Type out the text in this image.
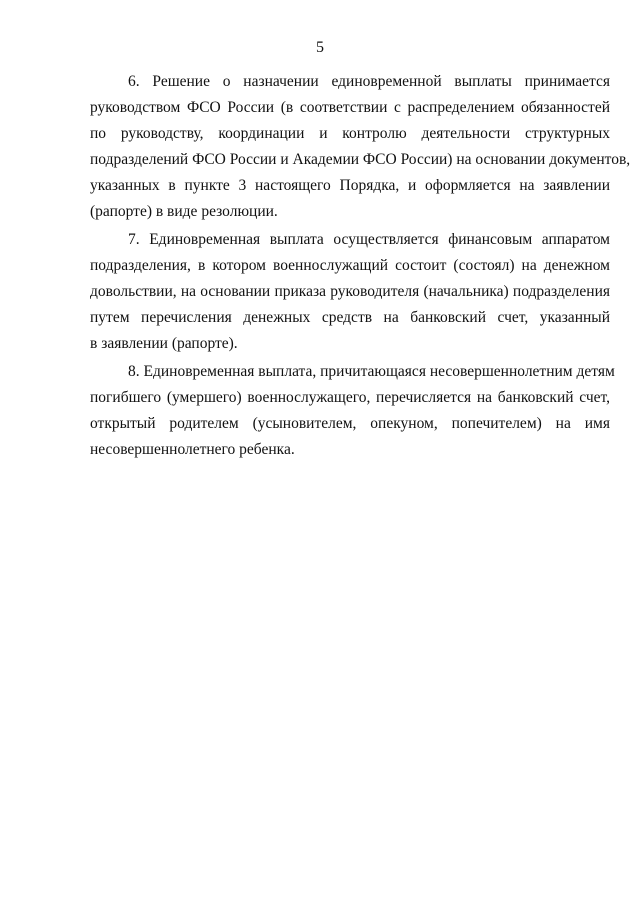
5
6. Решение о назначении единовременной выплаты принимается
руководством ФСО России (в соответствии с распределением обязанностей
по руководству, координации и контролю деятельности структурных
подразделений ФСО России и Академии ФСО России) на основании документов,
указанных в пункте 3 настоящего Порядка, и оформляется на заявлении
(рапорте) в виде резолюции.
7. Единовременная выплата осуществляется финансовым аппаратом
подразделения, в котором военнослужащий состоит (состоял) на денежном
довольствии, на основании приказа руководителя (начальника) подразделения
путем перечисления денежных средств на банковский счет, указанный
в заявлении (рапорте).
8. Единовременная выплата, причитающаяся несовершеннолетним детям
погибшего (умершего) военнослужащего, перечисляется на банковский счет,
открытый родителем (усыновителем, опекуном, попечителем) на имя
несовершеннолетнего ребенка.
